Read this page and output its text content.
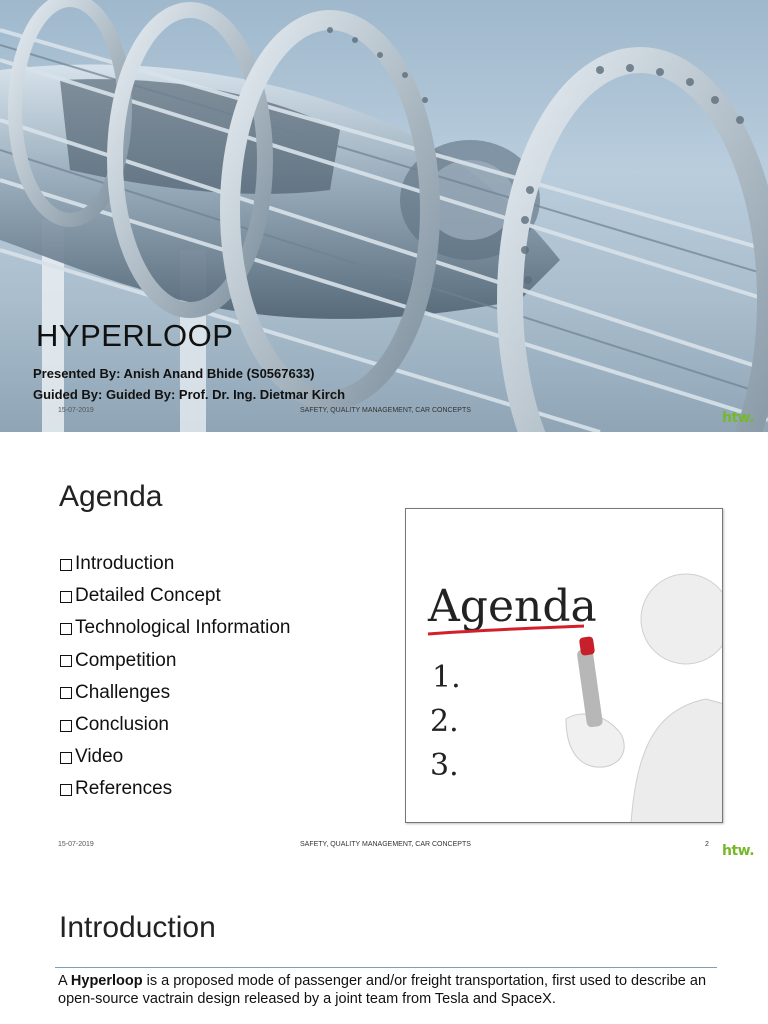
HYPERLOOP
Presented By: Anish Anand Bhide (S0567633)
Guided By: Guided By: Prof. Dr. Ing. Dietmar Kirch
15-07-2019	SAFETY, QUALITY MANAGEMENT, CAR CONCEPTS	htw.
Agenda
Introduction
Detailed Concept
Technological Information
Competition
Challenges
Conclusion
Video
References
Agenda
1.
2.
3.
15-07-2019	SAFETY, QUALITY MANAGEMENT, CAR CONCEPTS	2 htw.
Introduction

A Hyperloop is a proposed mode of passenger and/or freight transportation, first used to describe an open-source vactrain design released by a joint team from Tesla and SpaceX.
